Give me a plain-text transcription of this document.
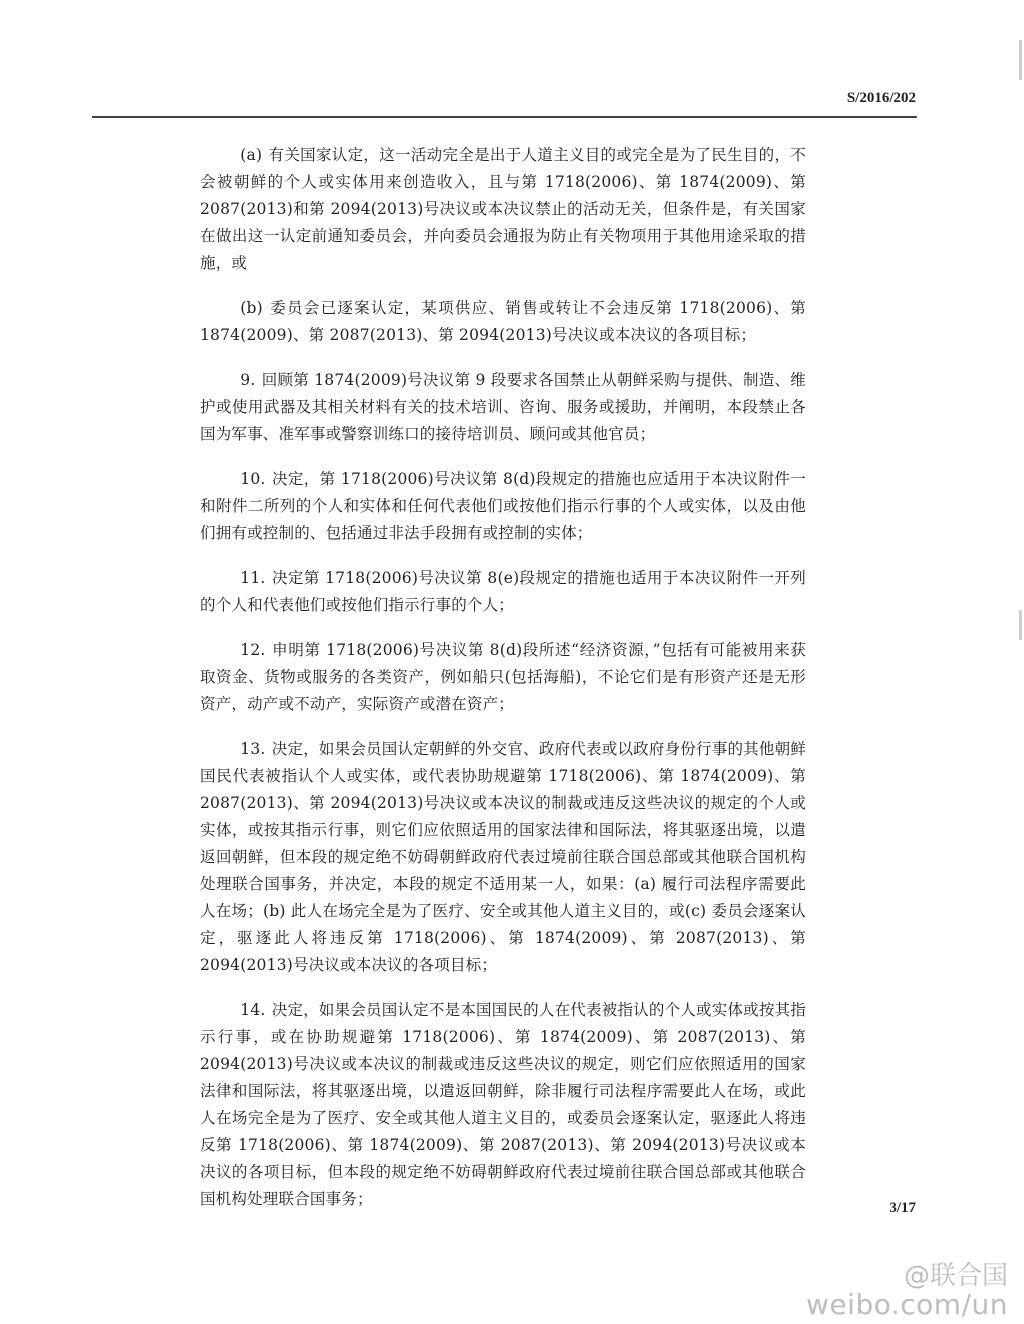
S/2016/202

(a) 有关国家认定，这一活动完全是出于人道主义目的或完全是为了民生目的，不会被朝鲜的个人或实体用来创造收入，且与第 1718(2006)、第 1874(2009)、第 2087(2013)和第 2094(2013)号决议或本决议禁止的活动无关，但条件是，有关国家在做出这一认定前通知委员会，并向委员会通报为防止有关物项用于其他用途采取的措施，或

(b) 委员会已逐案认定，某项供应、销售或转让不会违反第 1718(2006)、第 1874(2009)、第 2087(2013)、第 2094(2013)号决议或本决议的各项目标；

9. 回顾第 1874(2009)号决议第 9 段要求各国禁止从朝鲜采购与提供、制造、维护或使用武器及其相关材料有关的技术培训、咨询、服务或援助，并阐明，本段禁止各国为军事、准军事或警察训练口的接待培训员、顾问或其他官员；

10. 决定，第 1718(2006)号决议第 8(d)段规定的措施也应适用于本决议附件一和附件二所列的个人和实体和任何代表他们或按他们指示行事的个人或实体，以及由他们拥有或控制的、包括通过非法手段拥有或控制的实体；

11. 决定第 1718(2006)号决议第 8(e)段规定的措施也适用于本决议附件一开列的个人和代表他们或按他们指示行事的个人；

12. 申明第 1718(2006)号决议第 8(d)段所述“经济资源，”包括有可能被用来获取资金、货物或服务的各类资产，例如船只(包括海船)，不论它们是有形资产还是无形资产，动产或不动产，实际资产或潜在资产；

13. 决定，如果会员国认定朝鲜的外交官、政府代表或以政府身份行事的其他朝鲜国民代表被指认个人或实体，或代表协助规避第 1718(2006)、第 1874(2009)、第 2087(2013)、第 2094(2013)号决议或本决议的制裁或违反这些决议的规定的个人或实体，或按其指示行事，则它们应依照适用的国家法律和国际法，将其驱逐出境，以遣返回朝鲜，但本段的规定绝不妨碍朝鲜政府代表过境前往联合国总部或其他联合国机构处理联合国事务，并决定，本段的规定不适用某一人，如果：(a) 履行司法程序需要此人在场；(b) 此人在场完全是为了医疗、安全或其他人道主义目的，或(c) 委员会逐案认定，驱逐此人将违反第 1718(2006)、第 1874(2009)、第 2087(2013)、第 2094(2013)号决议或本决议的各项目标；

14. 决定，如果会员国认定不是本国国民的人在代表被指认的个人或实体或按其指示行事，或在协助规避第 1718(2006)、第 1874(2009)、第 2087(2013)、第 2094(2013)号决议或本决议的制裁或违反这些决议的规定，则它们应依照适用的国家法律和国际法，将其驱逐出境，以遣返回朝鲜，除非履行司法程序需要此人在场，或此人在场完全是为了医疗、安全或其他人道主义目的，或委员会逐案认定，驱逐此人将违反第 1718(2006)、第 1874(2009)、第 2087(2013)、第 2094(2013)号决议或本决议的各项目标，但本段的规定绝不妨碍朝鲜政府代表过境前往联合国总部或其他联合国机构处理联合国事务；	3/17
@联合国
weibo.com/un
